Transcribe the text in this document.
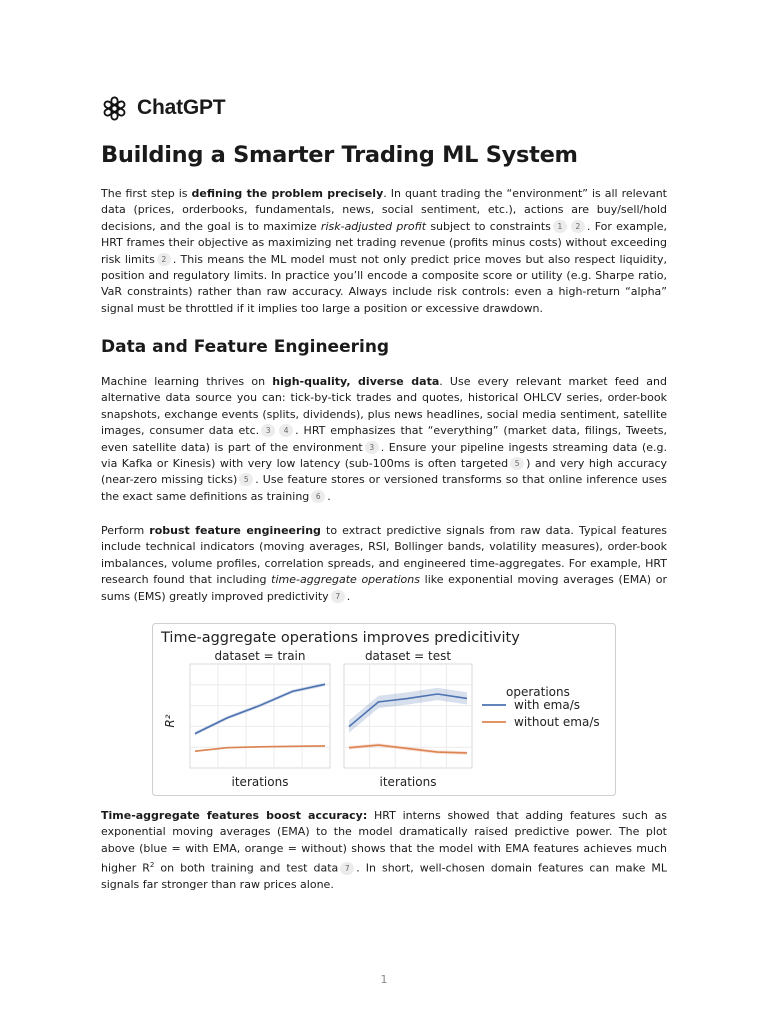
ChatGPT
Building a Smarter Trading ML System

The first step is defining the problem precisely. In quant trading the “environment” is all relevant data (prices, orderbooks, fundamentals, news, social sentiment, etc.), actions are buy/sell/hold decisions, and the goal is to maximize risk-adjusted profit subject to constraints 1 2 . For example, HRT frames their objective as maximizing net trading revenue (profits minus costs) without exceeding risk limits 2 . This means the ML model must not only predict price moves but also respect liquidity, position and regulatory limits. In practice you’ll encode a composite score or utility (e.g. Sharpe ratio, VaR constraints) rather than raw accuracy. Always include risk controls: even a high-return “alpha” signal must be throttled if it implies too large a position or excessive drawdown.

Data and Feature Engineering

Machine learning thrives on high-quality, diverse data. Use every relevant market feed and alternative data source you can: tick-by-tick trades and quotes, historical OHLCV series, order-book snapshots, exchange events (splits, dividends), plus news headlines, social media sentiment, satellite images, consumer data etc. 3 4 . HRT emphasizes that “everything” (market data, filings, Tweets, even satellite data) is part of the environment 3 . Ensure your pipeline ingests streaming data (e.g. via Kafka or Kinesis) with very low latency (sub-100ms is often targeted 5 ) and very high accuracy (near-zero missing ticks) 5 . Use feature stores or versioned transforms so that online inference uses the exact same definitions as training 6 .

Perform robust feature engineering to extract predictive signals from raw data. Typical features include technical indicators (moving averages, RSI, Bollinger bands, volatility measures), order-book imbalances, volume profiles, correlation spreads, and engineered time-aggregates. For example, HRT research found that including time-aggregate operations like exponential moving averages (EMA) or sums (EMS) greatly improved predictivity 7 .

Time-aggregate features boost accuracy: HRT interns showed that adding features such as exponential moving averages (EMA) to the model dramatically raised predictive power. The plot above (blue = with EMA, orange = without) shows that the model with EMA features achieves much higher $R^2$ on both training and test data 7 . In short, well-chosen domain features can make ML signals far stronger than raw prices alone.

Time-aggregate operations improves predicitivity
R²
dataset = train
iterations
dataset = test
iterations
operations
with ema/s
without ema/s
1
